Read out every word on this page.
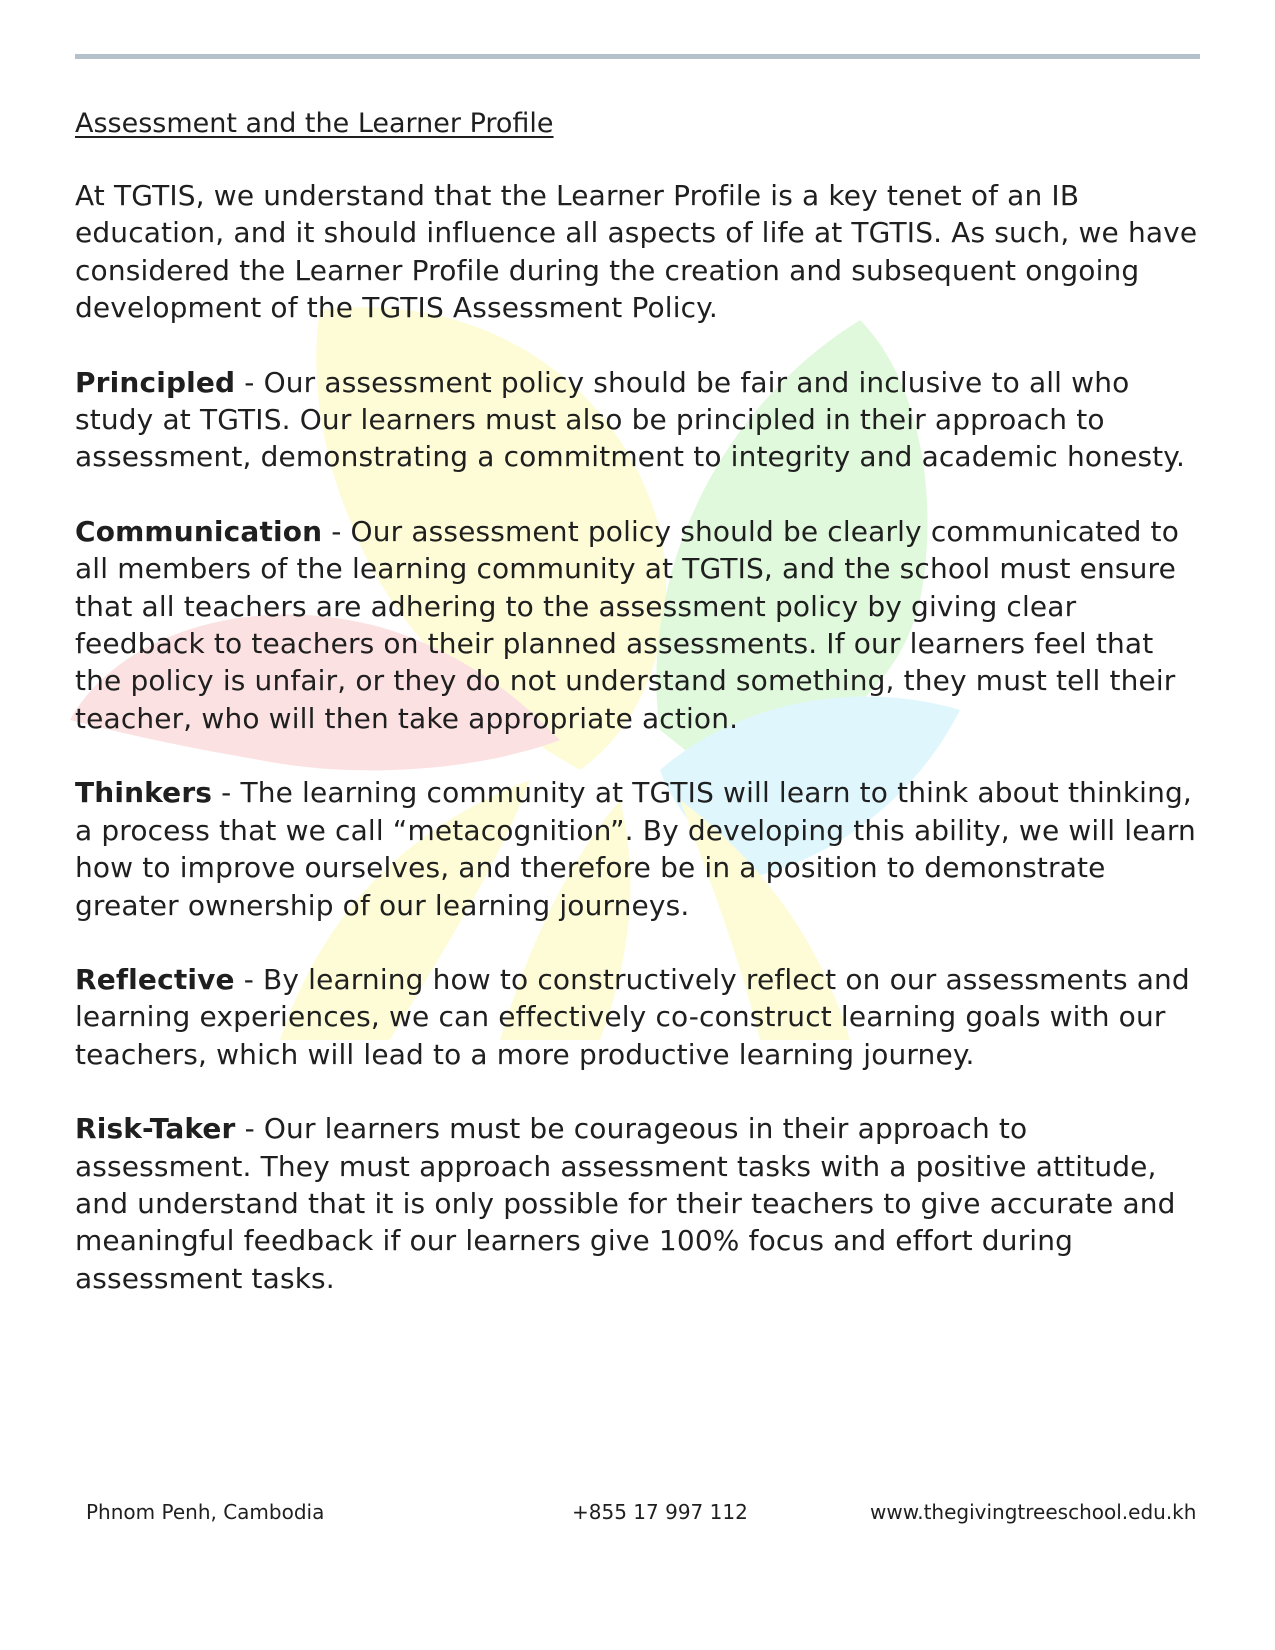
Assessment and the Learner Profile

At TGTIS, we understand that the Learner Profile is a key tenet of an IB education, and it should influence all aspects of life at TGTIS. As such, we have considered the Learner Profile during the creation and subsequent ongoing development of the TGTIS Assessment Policy.

Principled - Our assessment policy should be fair and inclusive to all who study at TGTIS. Our learners must also be principled in their approach to assessment, demonstrating a commitment to integrity and academic honesty.

Communication - Our assessment policy should be clearly communicated to all members of the learning community at TGTIS, and the school must ensure that all teachers are adhering to the assessment policy by giving clear feedback to teachers on their planned assessments. If our learners feel that the policy is unfair, or they do not understand something, they must tell their teacher, who will then take appropriate action.

Thinkers - The learning community at TGTIS will learn to think about thinking, a process that we call “metacognition”. By developing this ability, we will learn how to improve ourselves, and therefore be in a position to demonstrate greater ownership of our learning journeys.

Reflective - By learning how to constructively reflect on our assessments and learning experiences, we can effectively co-construct learning goals with our teachers, which will lead to a more productive learning journey.

Risk-Taker - Our learners must be courageous in their approach to assessment. They must approach assessment tasks with a positive attitude, and understand that it is only possible for their teachers to give accurate and meaningful feedback if our learners give 100% focus and effort during assessment tasks.

Phnom Penh, Cambodia	+855 17 997 112	www.thegivingtreeschool.edu.kh
